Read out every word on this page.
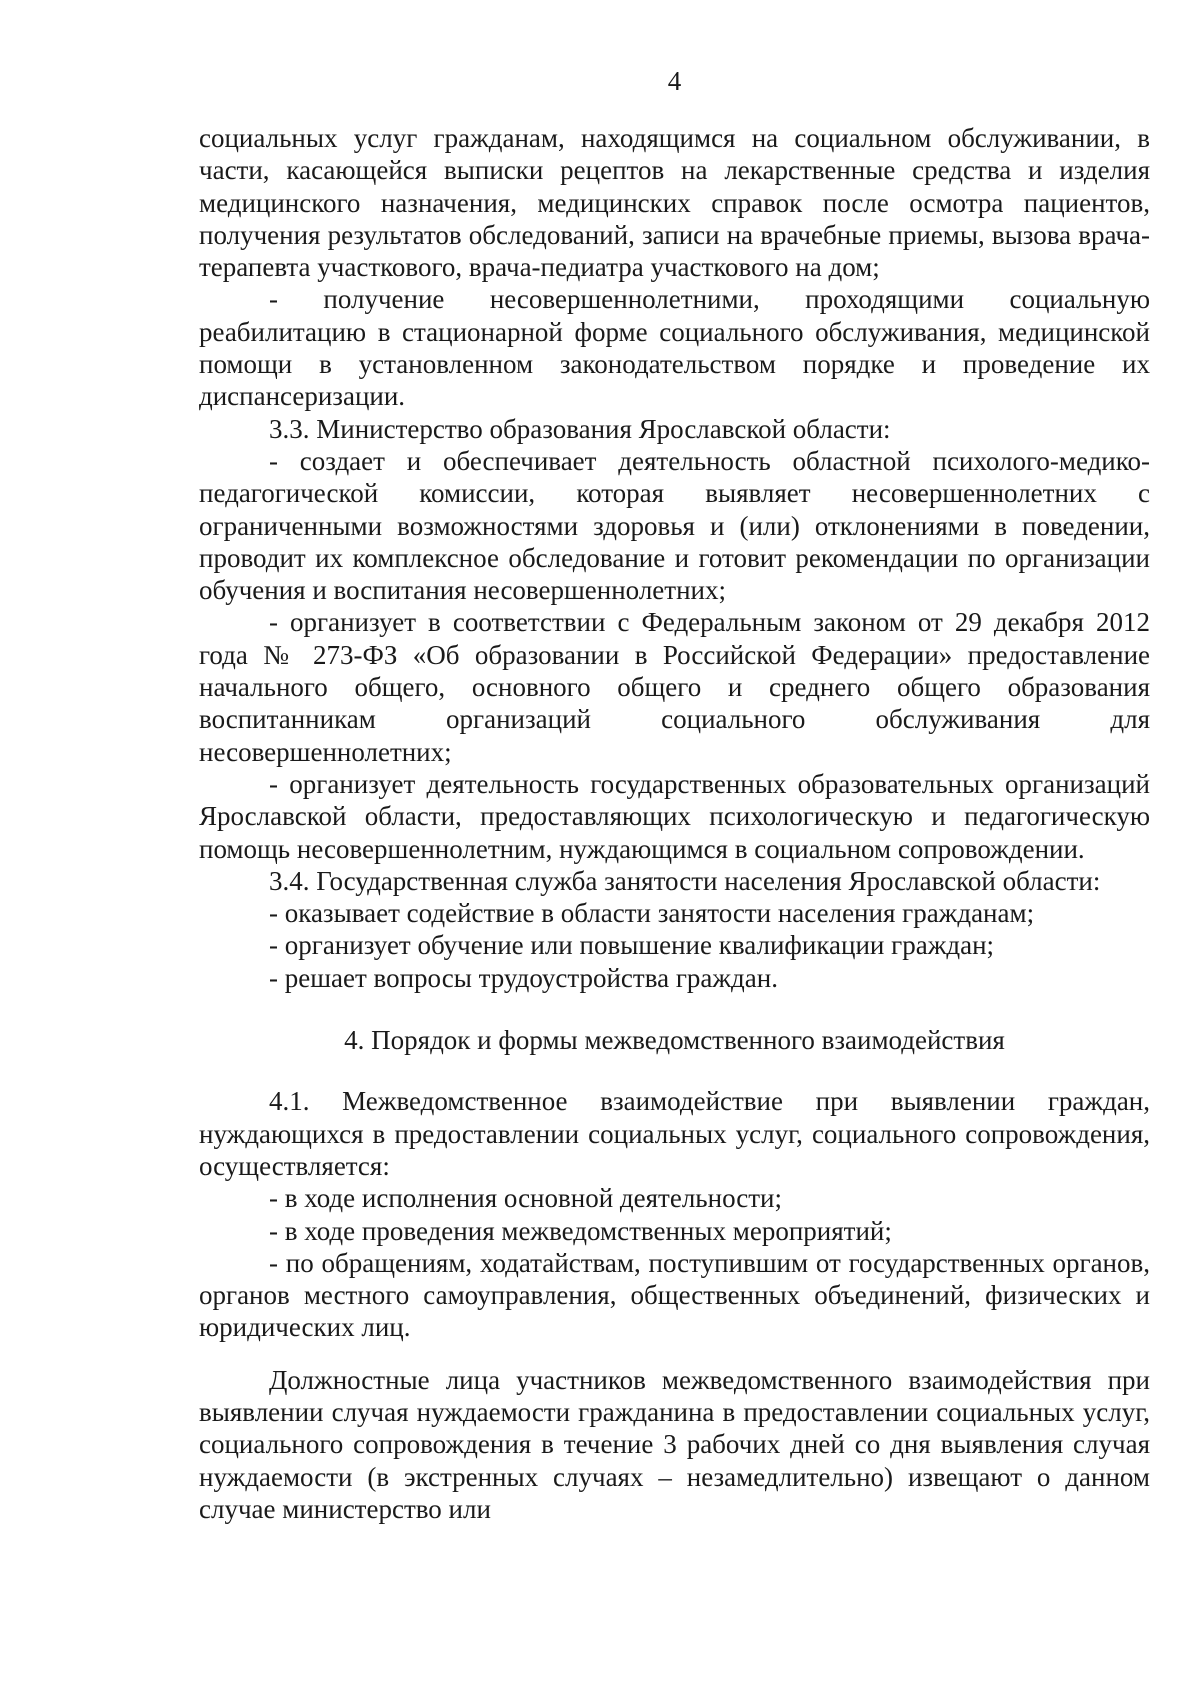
4

социальных услуг гражданам, находящимся на социальном обслуживании, в части, касающейся выписки рецептов на лекарственные средства и изделия медицинского назначения, медицинских справок после осмотра пациентов, получения результатов обследований, записи на врачебные приемы, вызова врача-терапевта участкового, врача-педиатра участкового на дом;

- получение несовершеннолетними, проходящими социальную реабилитацию в стационарной форме социального обслуживания, медицинской помощи в установленном законодательством порядке и проведение их диспансеризации.

3.3. Министерство образования Ярославской области:

- создает и обеспечивает деятельность областной психолого-медико-педагогической комиссии, которая выявляет несовершеннолетних с ограниченными возможностями здоровья и (или) отклонениями в поведении, проводит их комплексное обследование и готовит рекомендации по организации обучения и воспитания несовершеннолетних;

- организует в соответствии с Федеральным законом от 29 декабря 2012 года № 273-ФЗ «Об образовании в Российской Федерации» предоставление начального общего, основного общего и среднего общего образования воспитанникам организаций социального обслуживания для несовершеннолетних;

- организует деятельность государственных образовательных организаций Ярославской области, предоставляющих психологическую и педагогическую помощь несовершеннолетним, нуждающимся в социальном сопровождении.

3.4. Государственная служба занятости населения Ярославской области:

- оказывает содействие в области занятости населения гражданам;

- организует обучение или повышение квалификации граждан;

- решает вопросы трудоустройства граждан.

4. Порядок и формы межведомственного взаимодействия

4.1. Межведомственное взаимодействие при выявлении граждан, нуждающихся в предоставлении социальных услуг, социального сопровождения, осуществляется:

- в ходе исполнения основной деятельности;

- в ходе проведения межведомственных мероприятий;

- по обращениям, ходатайствам, поступившим от государственных органов, органов местного самоуправления, общественных объединений, физических и юридических лиц.

Должностные лица участников межведомственного взаимодействия при выявлении случая нуждаемости гражданина в предоставлении социальных услуг, социального сопровождения в течение 3 рабочих дней со дня выявления случая нуждаемости (в экстренных случаях – незамедлительно) извещают о данном случае министерство или
